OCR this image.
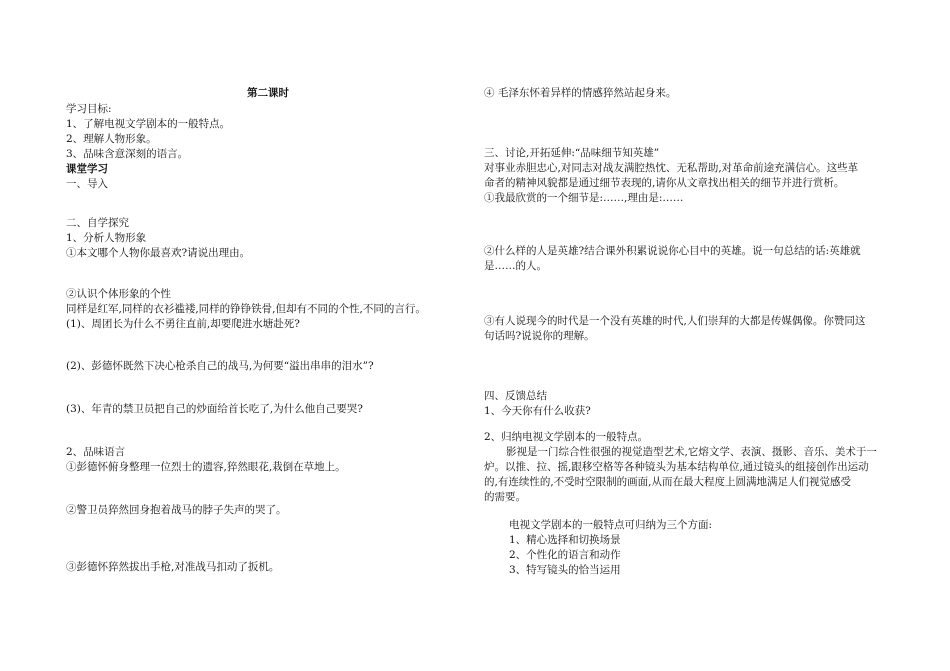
第二课时
学习目标:
1、了解电视文学剧本的一般特点。
2、理解人物形象。
3、品味含意深刻的语言。
课堂学习
一、导入
二、自学探究
1、分析人物形象
①本文哪个人物你最喜欢?请说出理由。
②认识个体形象的个性
同样是红军,同样的衣衫褴褛,同样的铮铮铁骨,但却有不同的个性,不同的言行。
(1)、周团长为什么不勇往直前,却要爬进水塘赴死?
(2)、彭德怀既然下决心枪杀自己的战马,为何要“溢出串串的泪水”?
(3)、年青的禁卫员把自己的炒面给首长吃了,为什么他自己要哭?
2、品味语言
①彭德怀俯身整理一位烈士的遗容,猝然眼花,栽倒在草地上。
②警卫员猝然回身抱着战马的脖子失声的哭了。
③彭德怀猝然拔出手枪,对准战马扣动了扳机。
④ 毛泽东怀着异样的情感猝然站起身来。
三、讨论,开拓延伸:“品味细节知英雄”
对事业赤胆忠心,对同志对战友满腔热忱、无私帮助,对革命前途充满信心。这些革
命者的精神风貌都是通过细节表现的,请你从文章找出相关的细节并进行赏析。
①我最欣赏的一个细节是:……,理由是:……
②什么样的人是英雄?结合课外积累说说你心目中的英雄。说一句总结的话:英雄就
是……的人。
③有人说现今的时代是一个没有英雄的时代,人们崇拜的大都是传媒偶像。你赞同这
句话吗?说说你的理解。
四、反馈总结
1、今天你有什么收获?
2、归纳电视文学剧本的一般特点。
影视是一门综合性很强的视觉造型艺术,它熔文学、表演、摄影、音乐、美术于一
炉。以推、拉、摇,跟移空格等各种镜头为基本结构单位,通过镜头的组接创作出运动
的,有连续性的,不受时空限制的画面,从而在最大程度上圆满地满足人们视觉感受
的需要。
电视文学剧本的一般特点可归纳为三个方面:
1、精心选择和切换场景
2、个性化的语言和动作
3、特写镜头的恰当运用
